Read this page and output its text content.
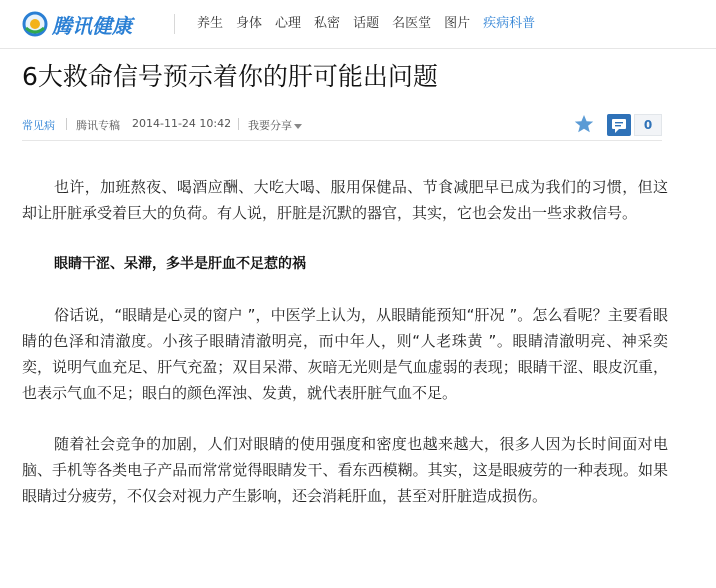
腾讯健康	养生 身体 心理 私密 话题 名医堂 图片 疾病科普
6大救命信号预示着你的肝可能出问题
常见病 腾讯专稿 2014-11-24 10:42 我要分享	0

也许，加班熬夜、喝酒应酬、大吃大喝、服用保健品、节食减肥早已成为我们的习惯，但这却让肝脏承受着巨大的负荷。有人说，肝脏是沉默的器官，其实，它也会发出一些求救信号。

眼睛干涩、呆滞，多半是肝血不足惹的祸

俗话说，“眼睛是心灵的窗户 ”，中医学上认为，从眼睛能预知“肝况 ”。怎么看呢？主要看眼睛的色泽和清澈度。小孩子眼睛清澈明亮，而中年人，则“人老珠黄 ”。眼睛清澈明亮、神采奕奕，说明气血充足、肝气充盈；双目呆滞、灰暗无光则是气血虚弱的表现；眼睛干涩、眼皮沉重，也表示气血不足；眼白的颜色浑浊、发黄，就代表肝脏气血不足。

随着社会竞争的加剧，人们对眼睛的使用强度和密度也越来越大，很多人因为长时间面对电脑、手机等各类电子产品而常常觉得眼睛发干、看东西模糊。其实，这是眼疲劳的一种表现。如果眼睛过分疲劳，不仅会对视力产生影响，还会消耗肝血，甚至对肝脏造成损伤。
